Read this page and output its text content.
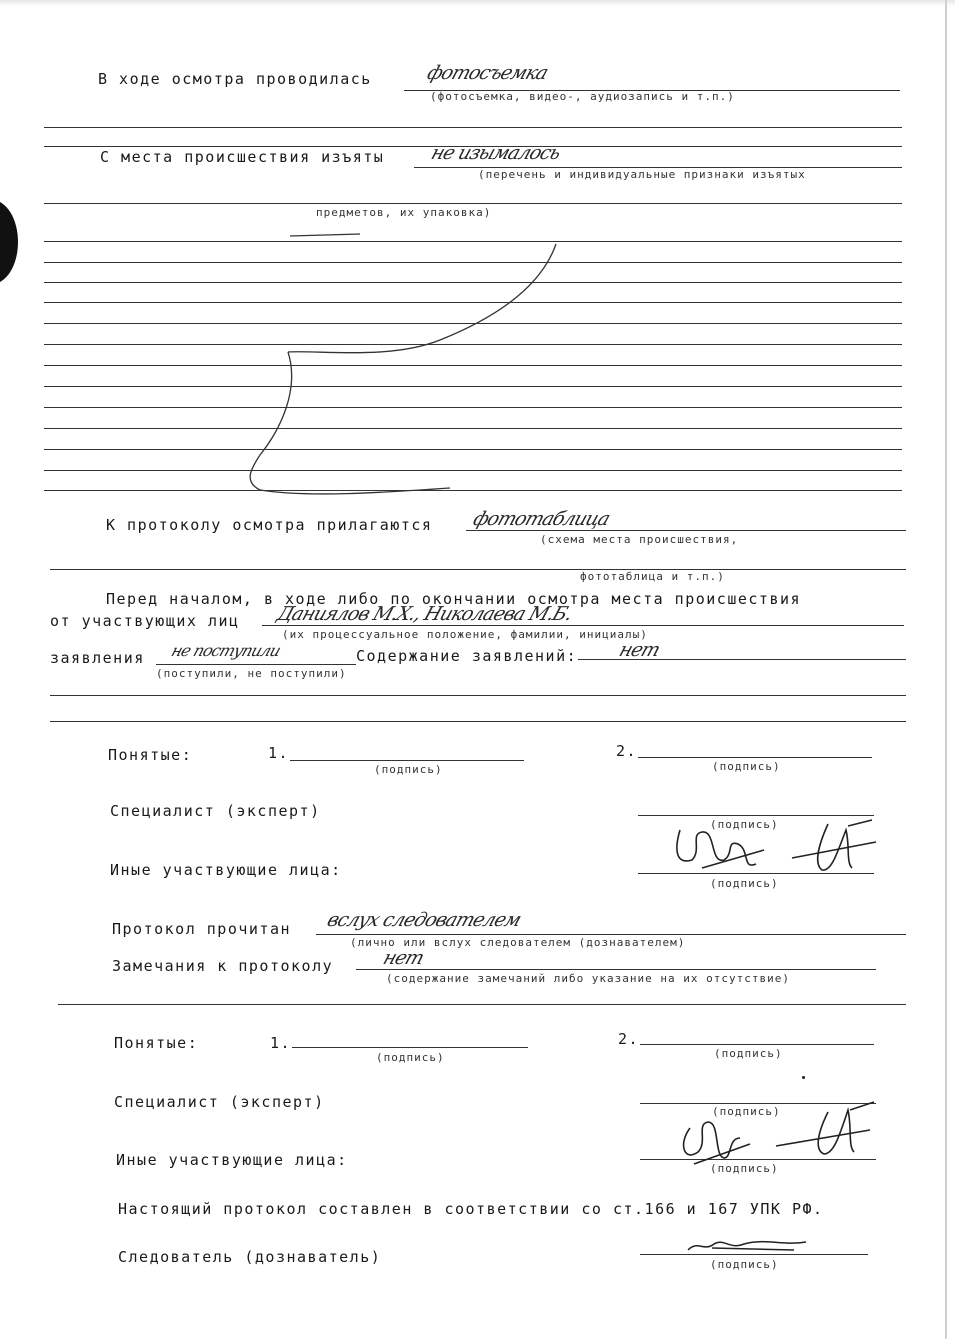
В ходе осмотра проводилась	фотосъемка
(фотосъемка, видео-, аудиозапись и т.п.)
С места происшествия изъяты не изымалось
(перечень и индивидуальные признаки изъятых
предметов, их упаковка)
К протоколу осмотра прилагаются фототаблица
(схема места происшествия,
фототаблица и т.п.)
Перед началом, в ходе либо по окончании осмотра места происшествия
от участвующих лиц Даниялов М.Х., Николаева М.Б.
(их процессуальное положение, фамилии, инициалы)
заявления не поступили	Содержание заявлений: нет
(поступили, не поступили)
Понятые:	1.
(подпись)
2.
(подпись)
Специалист (эксперт)
(подпись)
Иные участвующие лица:
(подпись)
Протокол прочитан вслух следователем
(лично или вслух следователем (дознавателем)
Замечания к протоколу нет
(содержание замечаний либо указание на их отсутствие)
Понятые:	1.
(подпись)
2.
(подпись)
Специалист (эксперт)
(подпись)
Иные участвующие лица:	(подпись)
Настоящий протокол составлен в соответствии со ст.166 и 167 УПК РФ.
Следователь (дознаватель)	(подпись)
